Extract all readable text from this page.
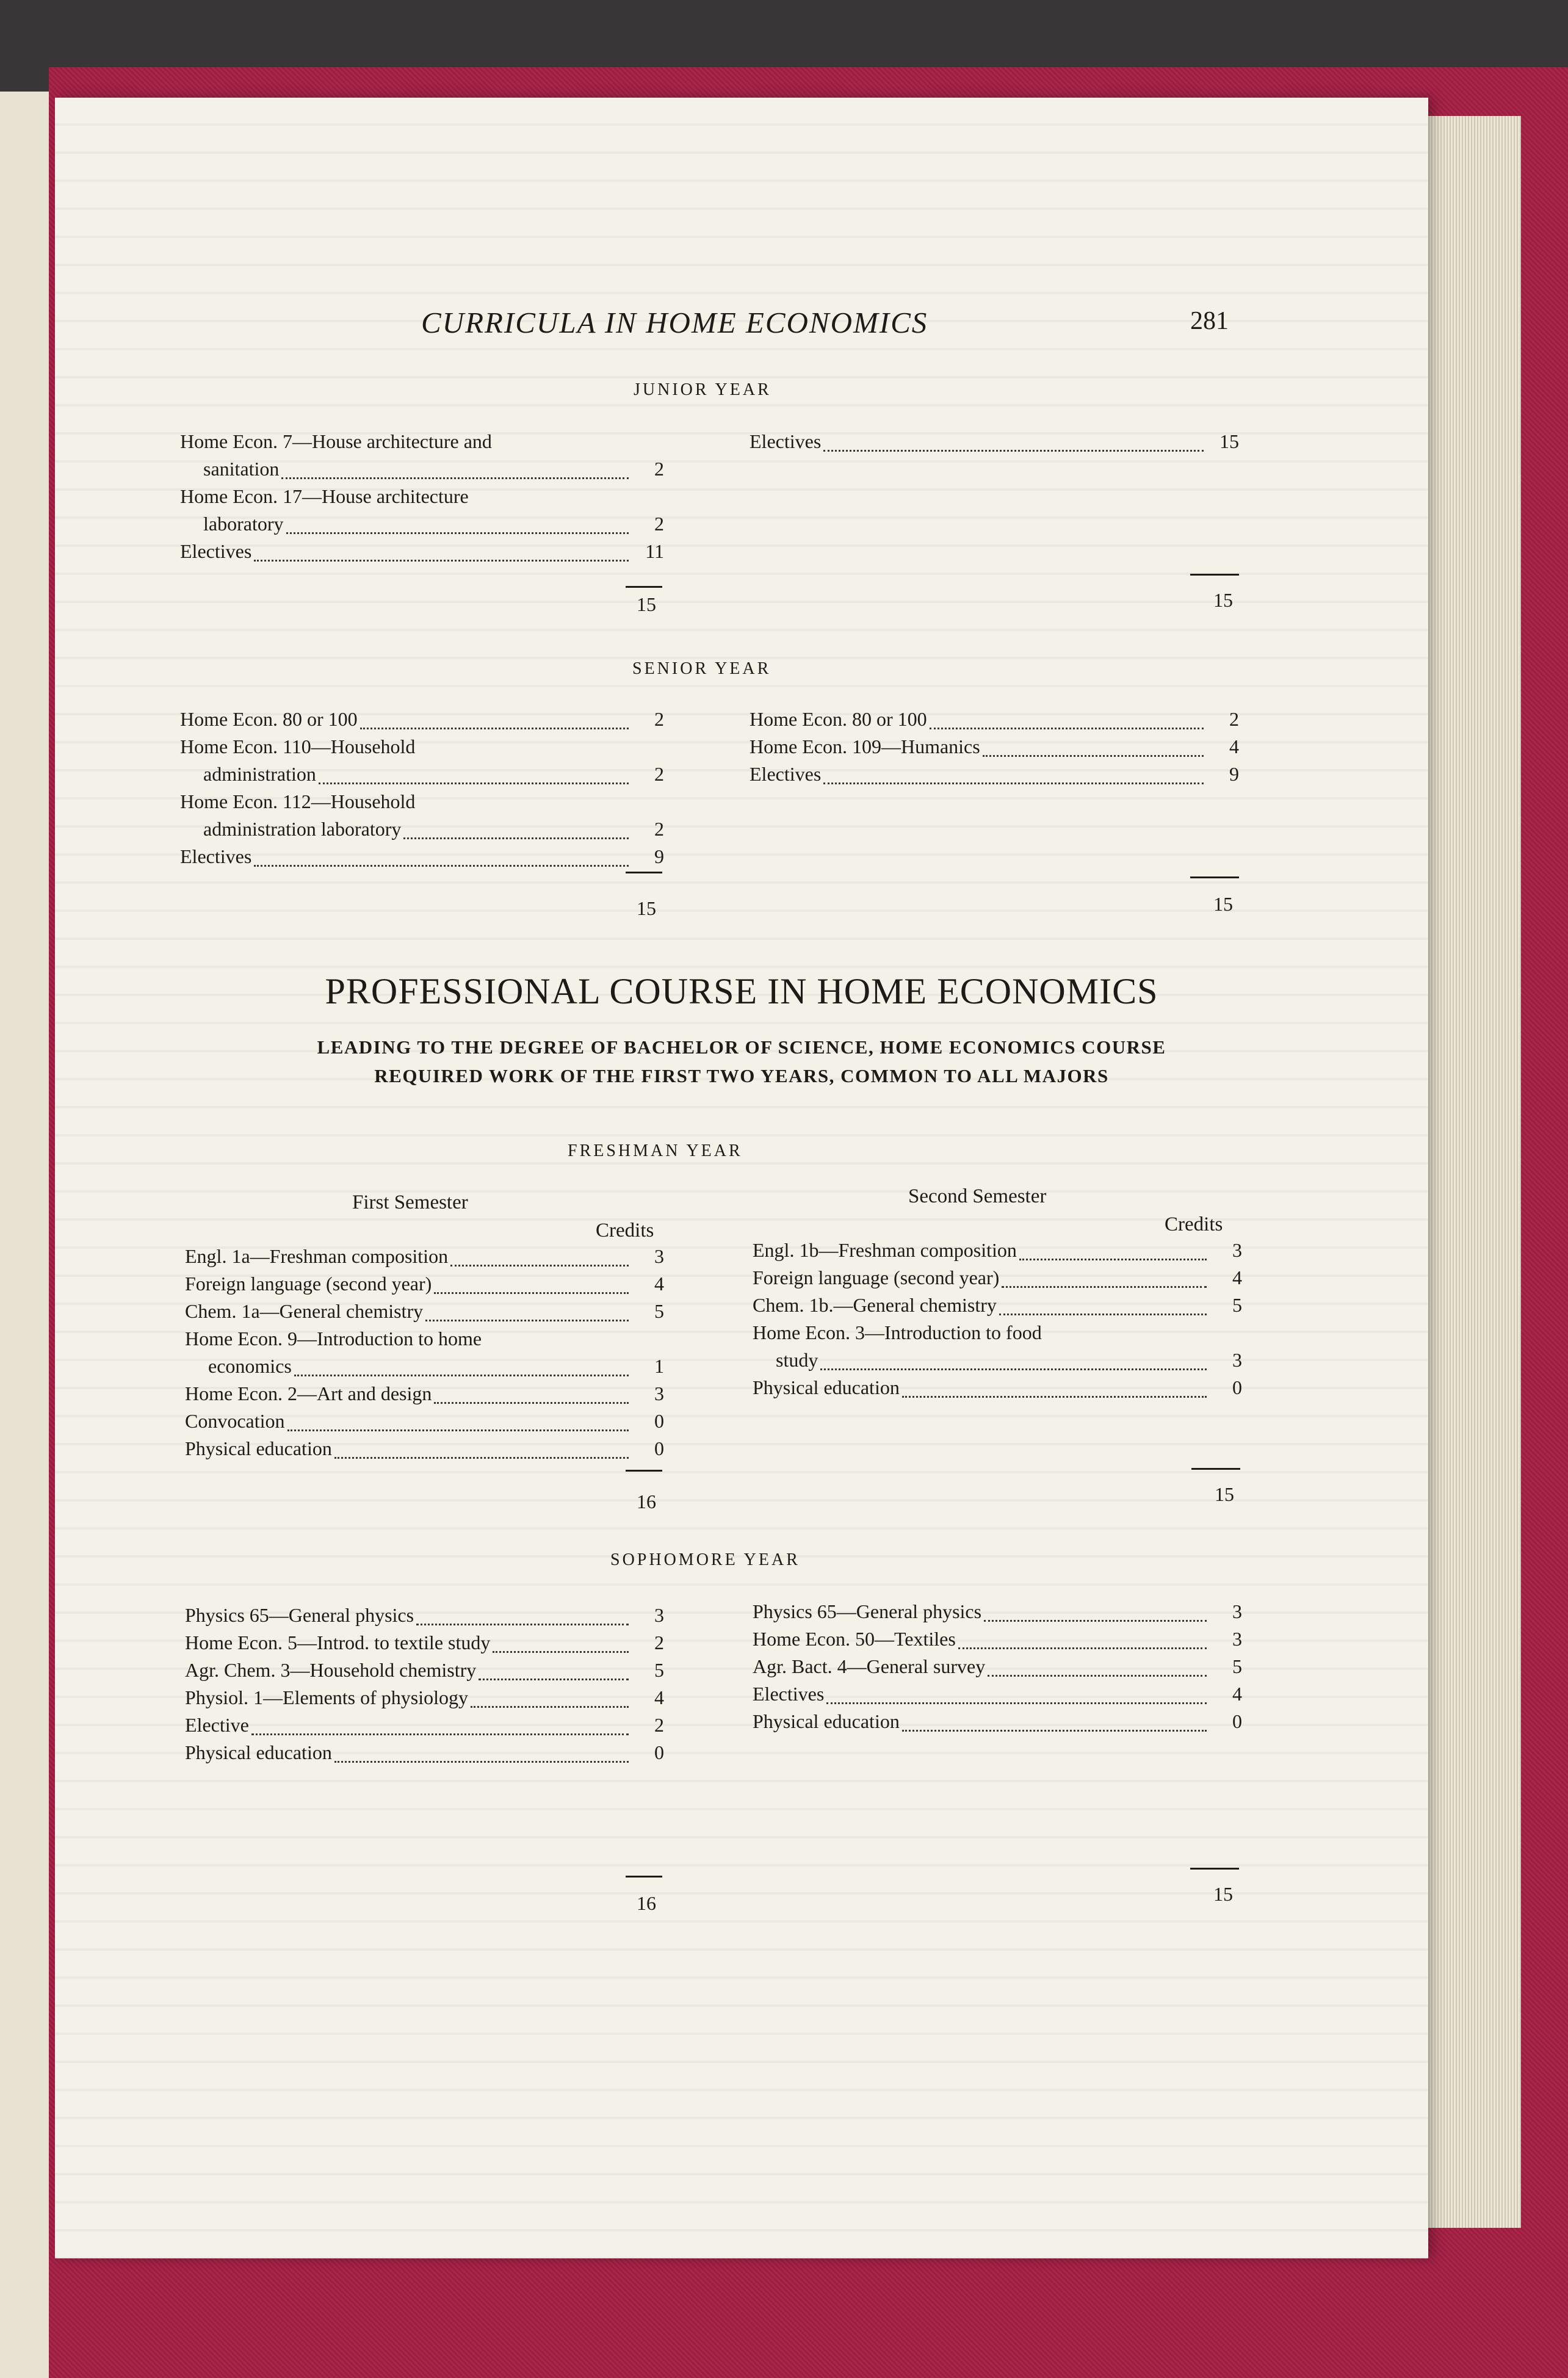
CURRICULA IN HOME ECONOMICS	281
JUNIOR YEAR
Home Econ. 7—House architecture and
sanitation	2
Home Econ. 17—House architecture
laboratory	2
Electives	11
Electives	15
15	15
SENIOR YEAR
Home Econ. 80 or 100	2
Home Econ. 110—Household
administration	2
Home Econ. 112—Household
administration laboratory	2
Electives	9
Home Econ. 80 or 100	2
Home Econ. 109—Humanics	4
Electives	9
15	15
PROFESSIONAL COURSE IN HOME ECONOMICS
LEADING TO THE DEGREE OF BACHELOR OF SCIENCE, HOME ECONOMICS COURSE
REQUIRED WORK OF THE FIRST TWO YEARS, COMMON TO ALL MAJORS
FRESHMAN YEAR
First Semester	Second Semester
Credits	Credits
Engl. 1a—Freshman composition	3
Foreign language (second year)	4
Chem. 1a—General chemistry	5
Home Econ. 9—Introduction to home
economics	1
Home Econ. 2—Art and design	3
Convocation	0
Physical education	0
Engl. 1b—Freshman composition	3
Foreign language (second year)	4
Chem. 1b.—General chemistry	5
Home Econ. 3—Introduction to food
study	3
Physical education	0
16	15
SOPHOMORE YEAR
Physics 65—General physics	3
Home Econ. 5—Introd. to textile study	2
Agr. Chem. 3—Household chemistry	5
Physiol. 1—Elements of physiology	4
Elective	2
Physical education	0
Physics 65—General physics	3
Home Econ. 50—Textiles	3
Agr. Bact. 4—General survey	5
Electives	4
Physical education	0
16	15
